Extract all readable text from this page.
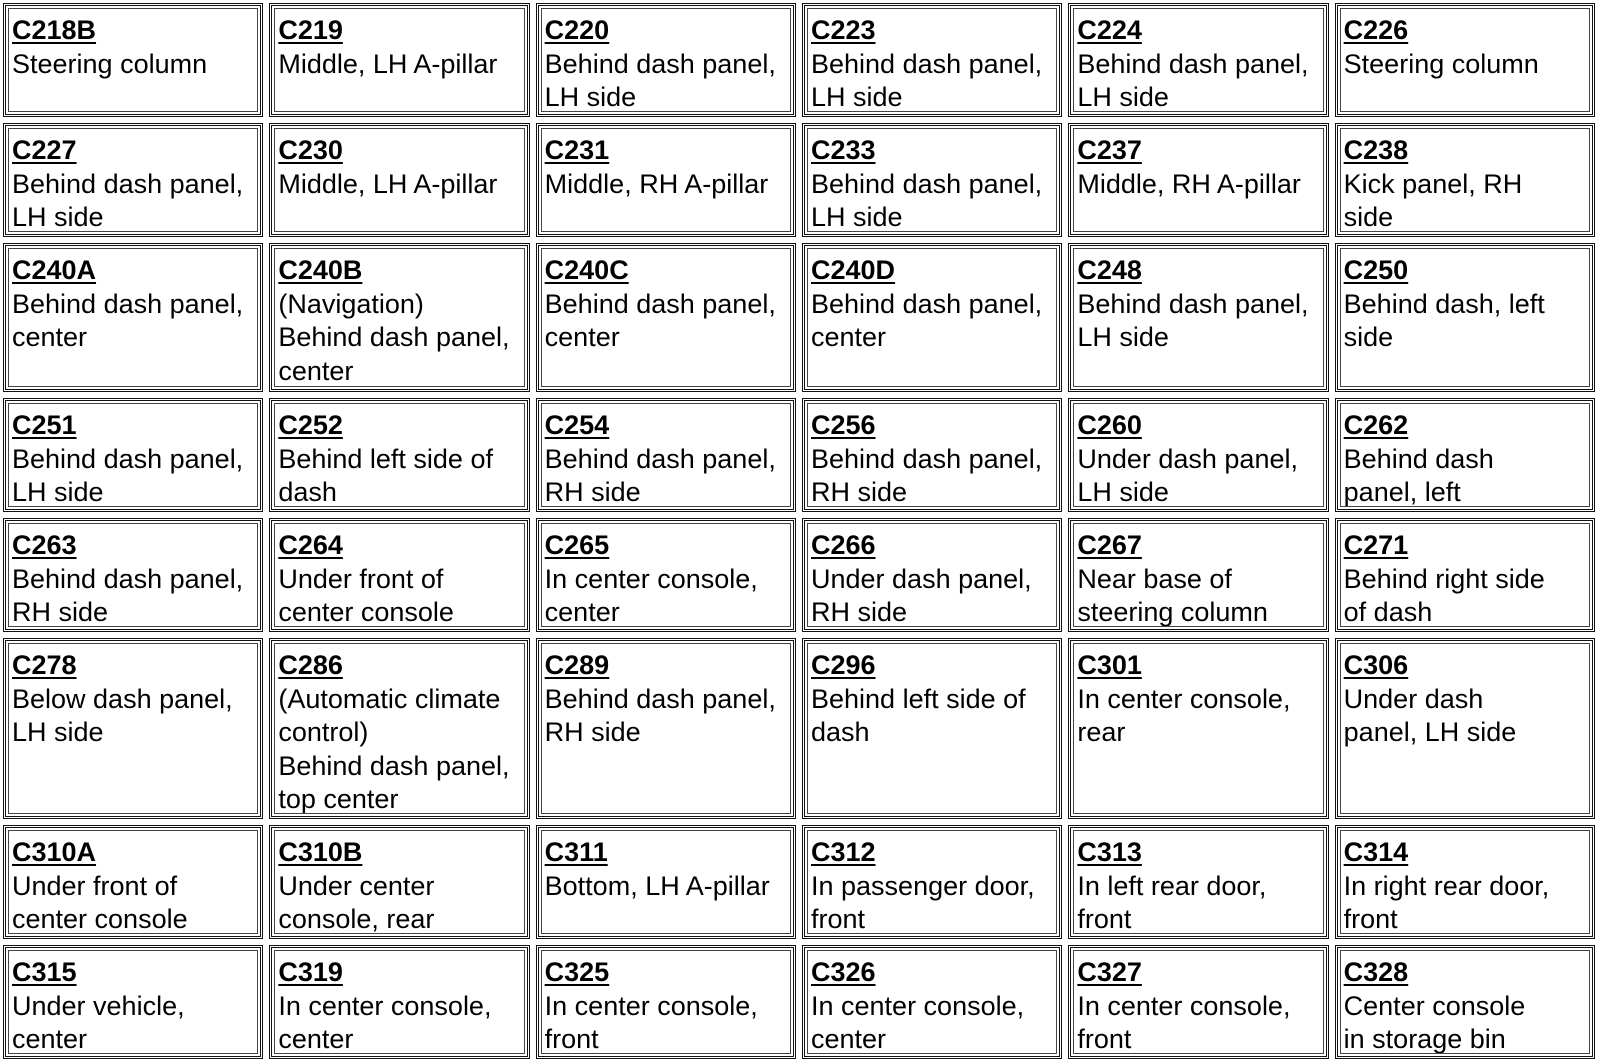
C218B
Steering column
C219
Middle, LH A-pillar
C220
Behind dash panel,
LH side
C223
Behind dash panel,
LH side
C224
Behind dash panel,
LH side
C226
Steering column
C227
Behind dash panel,
LH side
C230
Middle, LH A-pillar
C231
Middle, RH A-pillar
C233
Behind dash panel,
LH side
C237
Middle, RH A-pillar
C238
Kick panel, RH
side
C240A
Behind dash panel,
center
C240B
(Navigation)
Behind dash panel,
center
C240C
Behind dash panel,
center
C240D
Behind dash panel,
center
C248
Behind dash panel,
LH side
C250
Behind dash, left
side
C251
Behind dash panel,
LH side
C252
Behind left side of
dash
C254
Behind dash panel,
RH side
C256
Behind dash panel,
RH side
C260
Under dash panel,
LH side
C262
Behind dash
panel, left
C263
Behind dash panel,
RH side
C264
Under front of
center console
C265
In center console,
center
C266
Under dash panel,
RH side
C267
Near base of
steering column
C271
Behind right side
of dash
C278
Below dash panel,
LH side
C286
(Automatic climate
control)
Behind dash panel,
top center
C289
Behind dash panel,
RH side
C296
Behind left side of
dash
C301
In center console,
rear
C306
Under dash
panel, LH side
C310A
Under front of
center console
C310B
Under center
console, rear
C311
Bottom, LH A-pillar
C312
In passenger door,
front
C313
In left rear door,
front
C314
In right rear door,
front
C315
Under vehicle,
center
C319
In center console,
center
C325
In center console,
front
C326
In center console,
center
C327
In center console,
front
C328
Center console
in storage bin
